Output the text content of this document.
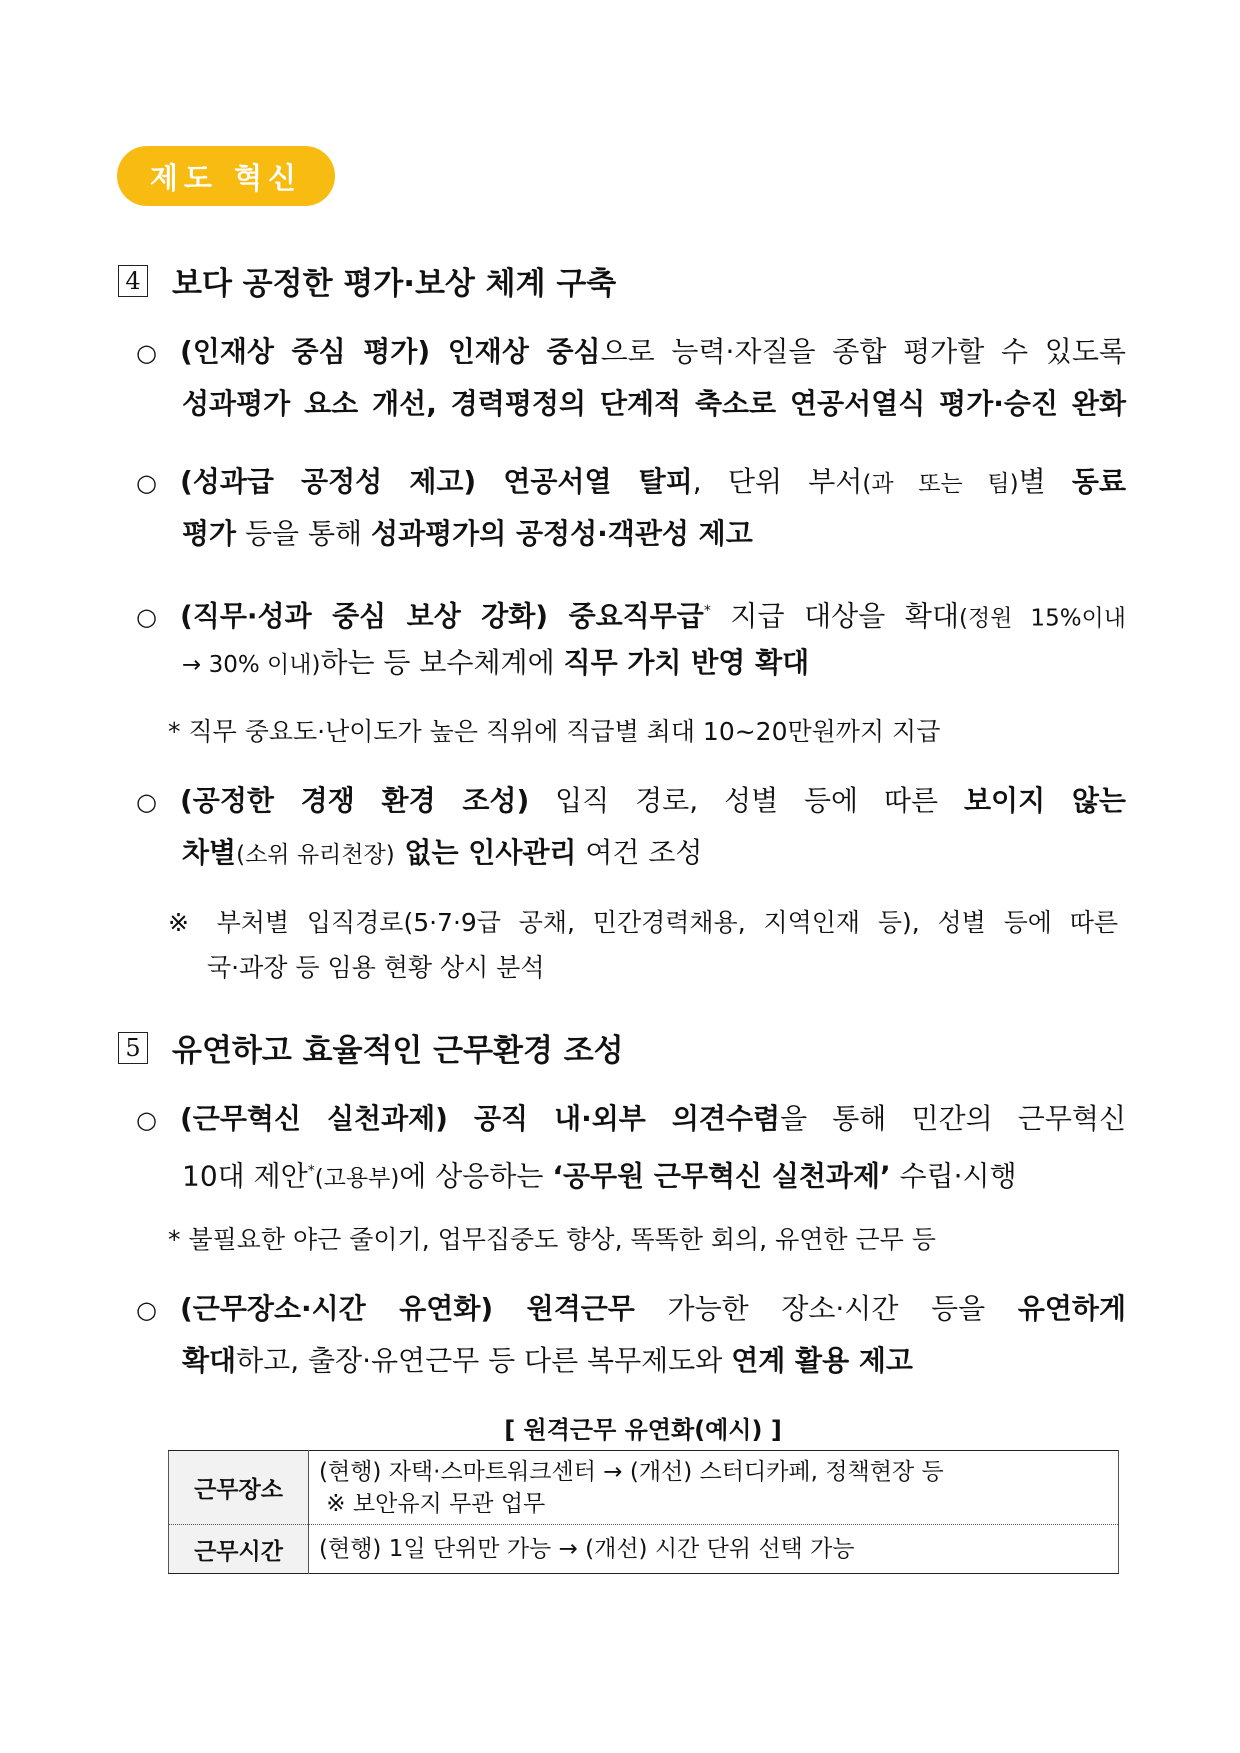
제도 혁신
4 보다 공정한 평가·보상 체계 구축
○ (인재상 중심 평가) 인재상 중심으로 능력·자질을 종합 평가할 수 있도록
성과평가 요소 개선, 경력평정의 단계적 축소로 연공서열식 평가·승진 완화
○ (성과급 공정성 제고) 연공서열 탈피, 단위 부서(과 또는 팀)별 동료
평가 등을 통해 성과평가의 공정성·객관성 제고
○ (직무·성과 중심 보상 강화) 중요직무급* 지급 대상을 확대(정원 15%이내
→ 30% 이내)하는 등 보수체계에 직무 가치 반영 확대
* 직무 중요도·난이도가 높은 직위에 직급별 최대 10~20만원까지 지급
○ (공정한 경쟁 환경 조성) 입직 경로, 성별 등에 따른 보이지 않는
차별(소위 유리천장) 없는 인사관리 여건 조성
※ 부처별 입직경로(5·7·9급 공채, 민간경력채용, 지역인재 등), 성별 등에 따른
국·과장 등 임용 현황 상시 분석
5 유연하고 효율적인 근무환경 조성
○ (근무혁신 실천과제) 공직 내·외부 의견수렴을 통해 민간의 근무혁신
10대 제안*(고용부)에 상응하는 ‘공무원 근무혁신 실천과제’ 수립·시행
* 불필요한 야근 줄이기, 업무집중도 향상, 똑똑한 회의, 유연한 근무 등
○ (근무장소·시간 유연화) 원격근무 가능한 장소·시간 등을 유연하게
확대하고, 출장·유연근무 등 다른 복무제도와 연계 활용 제고
[ 원격근무 유연화(예시) ]
근무장소	(현행) 자택·스마트워크센터 → (개선) 스터디카페, 정책현장 등
※ 보안유지 무관 업무

근무시간	(현행) 1일 단위만 가능 → (개선) 시간 단위 선택 가능
